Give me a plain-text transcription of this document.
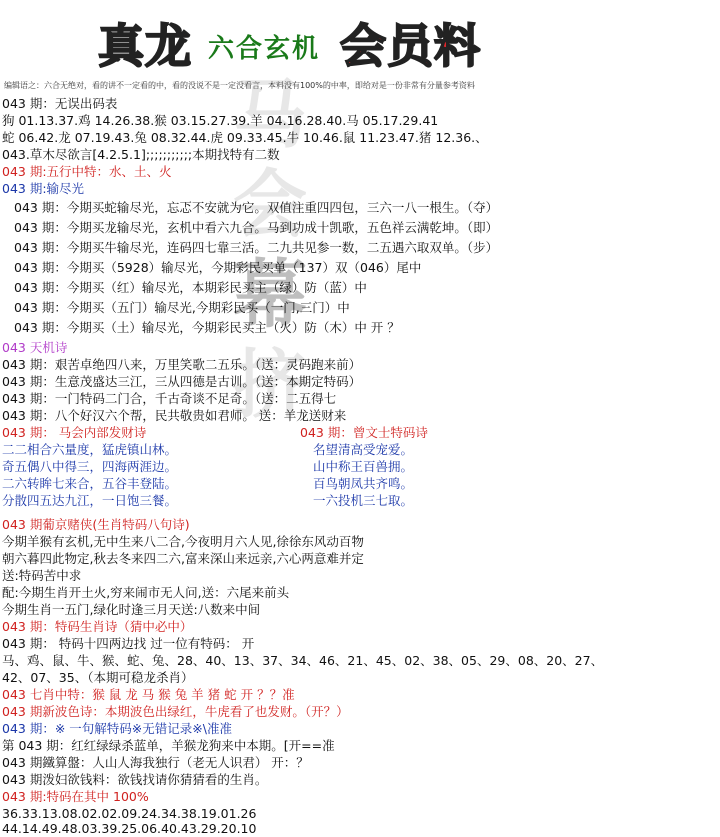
真龙 六合玄机 会员料
马
会
幕
挤
编辑语之：六合无绝对，看的讲不一定看的中，看的没说不是一定没看言，本料没有100%的中率，即给对是一份非常有分量参考资料
043 期：无误出码表
狗 01.13.37.鸡 14.26.38.猴 03.15.27.39.羊 04.16.28.40.马 05.17.29.41
蛇 06.42.龙 07.19.43.兔 08.32.44.虎 09.33.45.牛 10.46.鼠 11.23.47.猪 12.36.、
043.草木尽欲言[4.2.5.1];;;;;;;;;;;本期找特有二数
043 期:五行中特：水、土、火
043 期:输尽光
043 期：今期买蛇输尽光，忘忑不安就为它。双值注重四四包，三六一八一根生。（夺）
043 期：今期买龙输尽光，玄机中看六九合。马到功成十凯歌，五色祥云满乾坤。（即）
043 期：今期买牛输尽光，连码四七靠三活。二九共见参一数，二五遇六取双单。（步）
043 期：今期买（5928）输尽光，今期彩民买单（137）双（046）尾中
043 期：今期买（红）输尽光，本期彩民买主（绿）防（蓝）中
043 期：今期买（五门）输尽光,今期彩民买（一门,三门）中
043 期：今期买（土）输尽光，今期彩民买主（火）防（木）中 开 ？
043 天机诗
043 期：艰苦卓绝四八来，万里笑歌二五乐。（送：灵码跑来前）
043 期：生意茂盛达三江，三从四德是古训。（送：本期定特码）
043 期：一门特码二门合，千古奇谈不足奇。（送：二五得七
043 期：八个好汉六个帮，民共敬贵如君师。 送：羊龙送财来
043 期： 马会内部发财诗	043 期：曾文士特码诗
二二相合六量度，猛虎镇山林。	名望清高受宠爱。
奇五偶八中得三，四海两涯边。	山中称王百兽拥。
二六转眸七来合，五谷丰登陆。	百鸟朝凤共齐鸣。
分散四五达九江，一日饱三餐。	一六投机三七取。
043 期葡京赌侠(生肖特码八句诗)
今期羊猴有玄机,无中生来八二合,今夜明月六人见,徐徐东风动百物
朝六暮四此物定,秋去冬来四二六,富来深山来远亲,六心两意难并定
送:特码苦中求
配:今期生肖开土火,穷来闹市无人问,送：六尾来前头
今期生肖一五门,绿化时逢三月天送:八数来中间
043 期：特码生肖诗（猜中必中）
043 期： 特码十四两边找 过一位有特码： 开
马、鸡、鼠、牛、猴、蛇、兔、28、40、13、37、34、46、21、45、02、38、05、29、08、20、27、
42、07、35、（本期可稳龙杀肖）
043 七肖中特：猴 鼠 龙 马 猴 兔 羊 猪 蛇 开 ？？准
043 期新波色诗：本期波色出绿红，牛虎看了也发财。（开？）
043 期：※ 一句解特码※无错记录※\准准
第 043 期：红红绿绿杀蓝单，羊猴龙狗来中本期。[开==准
043 期鐵算盤：人山人海我独行（老无人识君） 开：？
043 期泼妇欲钱料：欲钱找请你猜猜看的生肖。
043 期:特码在其中 100%
36.33.13.08.02.02.09.24.34.38.19.01.26
44.14.49.48.03.39.25.06.40.43.29.20.10
